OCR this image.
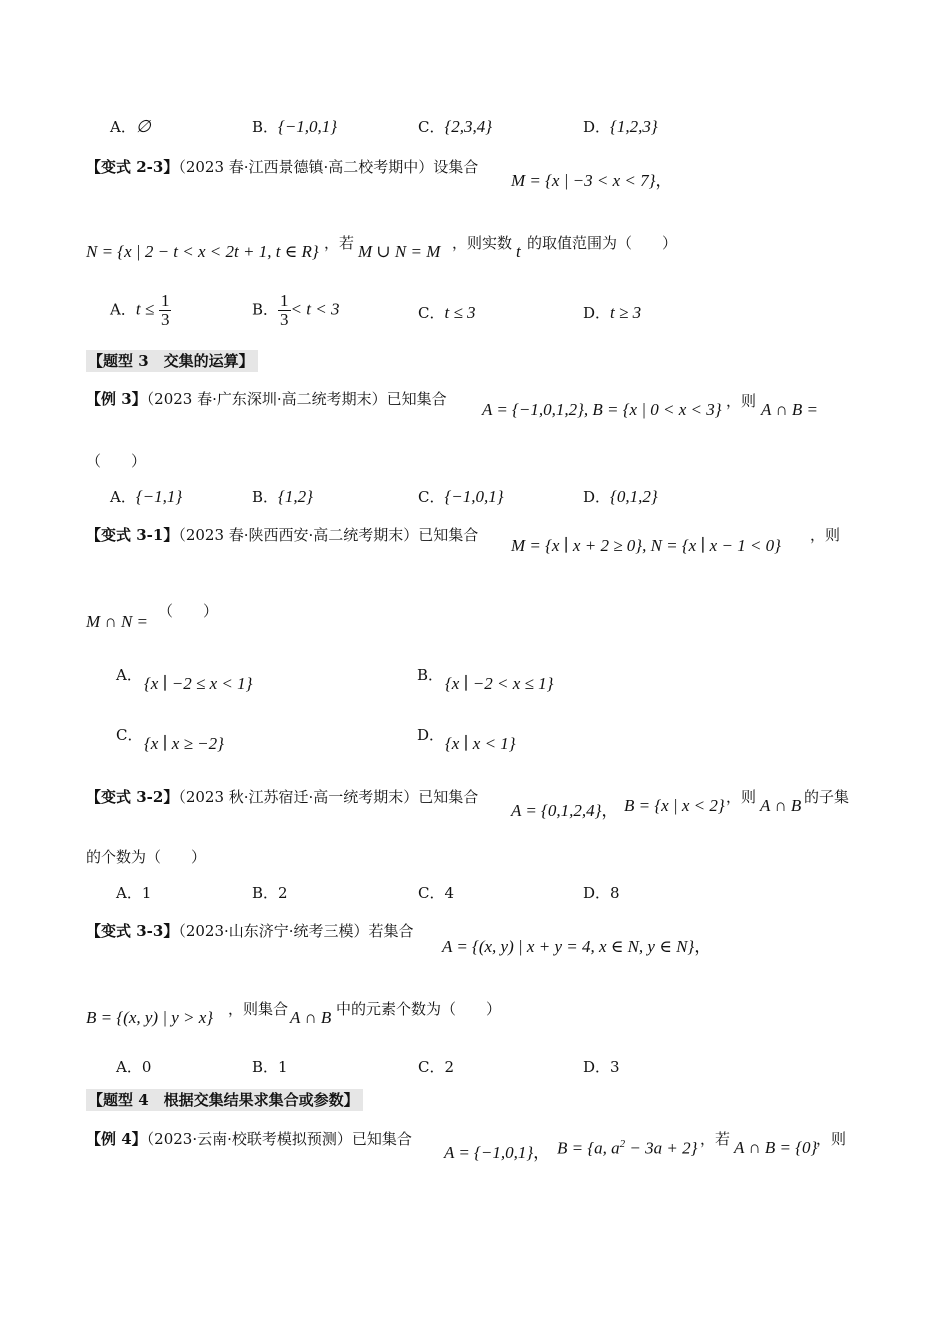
A．∅	B．{−1,0,1}	C．{2,3,4}	D．{1,2,3}
【变式 2-3】（2023 春·江西景德镇·高二校考期中）设集合
M = {x | −3 < x < 7}，
N = {x | 2 − t < x < 2t + 1, t ∈ R} ，若 M ∪ N = M ，则实数 t 的取值范围为（　　）
A．$t \le \frac{1}{3}$	B． $\frac{1}{3} < t < 3$	C．t ≤ 3	D．t ≥ 3
【题型 3　交集的运算】
【例 3】（2023 春·广东深圳·高二统考期末）已知集合
A = {−1,0,1,2}, B = {x | 0 < x < 3} ，则 A ∩ B =
（　　）
A．{−1,1}	B．{1,2}	C．{−1,0,1}	D．{0,1,2}
【变式 3-1】（2023 春·陕西西安·高二统考期末）已知集合
M = {x ∣ x + 2 ≥ 0}, N = {x ∣ x − 1 < 0}
，则
M ∩ N =
（　　）
A． {x ∣ −2 ≤ x < 1}	B． {x ∣ −2 < x ≤ 1}
C． {x ∣ x ≥ −2}	D． {x ∣ x < 1}
【变式 3-2】（2023 秋·江苏宿迁·高一统考期末）已知集合
A = {0,1,2,4}， B = {x | x < 2} ，则 A ∩ B 的子集
的个数为（　　）
A．1	B．2	C．4	D．8
【变式 3-3】（2023·山东济宁·统考三模）若集合
A = {(x, y) | x + y = 4, x ∈ N, y ∈ N}，
B = {(x, y) | y > x} ，则集合 A ∩ B 中的元素个数为（　　）
A．0	B．1	C．2	D．3
【题型 4　根据交集结果求集合或参数】
【例 4】（2023·云南·校联考模拟预测）已知集合
A = {−1,0,1}， B = {a, $a^2 - 3a + 2$} ，若 A ∩ B = {0}
，则
